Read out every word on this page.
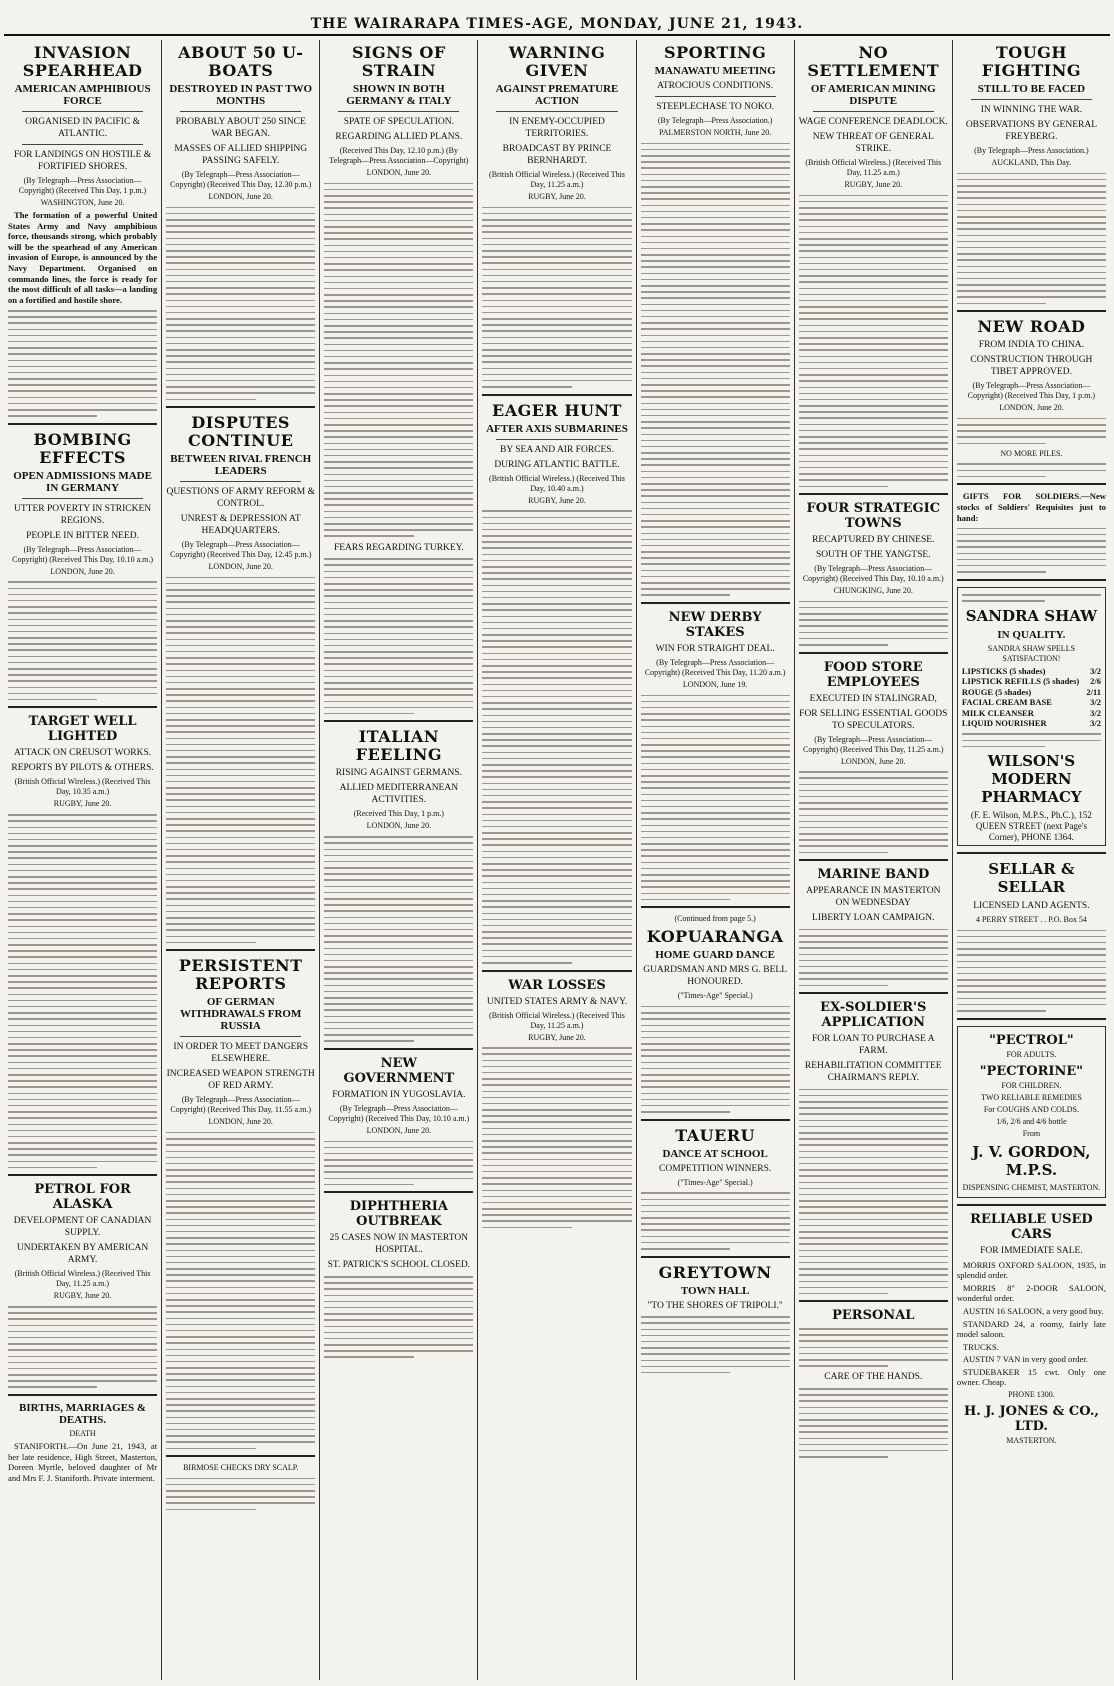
THE WAIRARAPA TIMES-AGE, MONDAY, JUNE 21, 1943.
INVASION SPEARHEAD
AMERICAN AMPHIBIOUS FORCE
ORGANISED IN PACIFIC & ATLANTIC.
FOR LANDINGS ON HOSTILE & FORTIFIED SHORES.
(By Telegraph—Press Association—Copyright) (Received This Day, 1 p.m.)
WASHINGTON, June 20.

The formation of a powerful United States Army and Navy amphibious force, thousands strong, which probably will be the spearhead of any American invasion of Europe, is announced by the Navy Department. Organised on commando lines, the force is ready for the most difficult of all tasks—a landing on a fortified and hostile shore.

BOMBING EFFECTS
OPEN ADMISSIONS MADE IN GERMANY
UTTER POVERTY IN STRICKEN REGIONS.
PEOPLE IN BITTER NEED.
(By Telegraph—Press Association—Copyright) (Received This Day, 10.10 a.m.)
LONDON, June 20.
TARGET WELL LIGHTED
ATTACK ON CREUSOT WORKS.
REPORTS BY PILOTS & OTHERS.
(British Official Wireless.) (Received This Day, 10.35 a.m.)
RUGBY, June 20.
PETROL FOR ALASKA
DEVELOPMENT OF CANADIAN SUPPLY.
UNDERTAKEN BY AMERICAN ARMY.
(British Official Wireless.) (Received This Day, 11.25 a.m.)
RUGBY, June 20.
BIRTHS, MARRIAGES & DEATHS.
DEATH

STANIFORTH.—On June 21, 1943, at her late residence, High Street, Masterton, Doreen Myrtle, beloved daughter of Mr and Mrs F. J. Staniforth. Private interment.

ABOUT 50 U-BOATS
DESTROYED IN PAST TWO MONTHS
PROBABLY ABOUT 250 SINCE WAR BEGAN.
MASSES OF ALLIED SHIPPING PASSING SAFELY.
(By Telegraph—Press Association—Copyright) (Received This Day, 12.30 p.m.)
LONDON, June 20.
DISPUTES CONTINUE
BETWEEN RIVAL FRENCH LEADERS
QUESTIONS OF ARMY REFORM & CONTROL.
UNREST & DEPRESSION AT HEADQUARTERS.
(By Telegraph—Press Association—Copyright) (Received This Day, 12.45 p.m.)
LONDON, June 20.
PERSISTENT REPORTS
OF GERMAN WITHDRAWALS FROM RUSSIA
IN ORDER TO MEET DANGERS ELSEWHERE.
INCREASED WEAPON STRENGTH OF RED ARMY.
(By Telegraph—Press Association—Copyright) (Received This Day, 11.55 a.m.)
LONDON, June 20.
BIRMOSE CHECKS DRY SCALP.
SIGNS OF STRAIN
SHOWN IN BOTH GERMANY & ITALY
SPATE OF SPECULATION.
REGARDING ALLIED PLANS.
(Received This Day, 12.10 p.m.) (By Telegraph—Press Association—Copyright)
LONDON, June 20.
FEARS REGARDING TURKEY.
ITALIAN FEELING
RISING AGAINST GERMANS.
ALLIED MEDITERRANEAN ACTIVITIES.
(Received This Day, 1 p.m.)
LONDON, June 20.
NEW GOVERNMENT
FORMATION IN YUGOSLAVIA.
(By Telegraph—Press Association—Copyright) (Received This Day, 10.10 a.m.)
LONDON, June 20.
DIPHTHERIA OUTBREAK
25 CASES NOW IN MASTERTON HOSPITAL.
ST. PATRICK'S SCHOOL CLOSED.
WARNING GIVEN
AGAINST PREMATURE ACTION
IN ENEMY-OCCUPIED TERRITORIES.
BROADCAST BY PRINCE BERNHARDT.
(British Official Wireless.) (Received This Day, 11.25 a.m.)
RUGBY, June 20.
EAGER HUNT
AFTER AXIS SUBMARINES
BY SEA AND AIR FORCES.
DURING ATLANTIC BATTLE.
(British Official Wireless.) (Received This Day, 10.40 a.m.)
RUGBY, June 20.
WAR LOSSES
UNITED STATES ARMY & NAVY.
(British Official Wireless.) (Received This Day, 11.25 a.m.)
RUGBY, June 20.
SPORTING
MANAWATU MEETING
ATROCIOUS CONDITIONS.
STEEPLECHASE TO NOKO.
(By Telegraph—Press Association.)
PALMERSTON NORTH, June 20.
NEW DERBY STAKES
WIN FOR STRAIGHT DEAL.
(By Telegraph—Press Association—Copyright) (Received This Day, 11.20 a.m.)
LONDON, June 19.
(Continued from page 5.)
KOPUARANGA
HOME GUARD DANCE
GUARDSMAN AND MRS G. BELL HONOURED.
("Times-Age" Special.)
TAUERU
DANCE AT SCHOOL
COMPETITION WINNERS.
("Times-Age" Special.)
GREYTOWN
TOWN HALL
"TO THE SHORES OF TRIPOLI."
NO SETTLEMENT
OF AMERICAN MINING DISPUTE
WAGE CONFERENCE DEADLOCK.
NEW THREAT OF GENERAL STRIKE.
(British Official Wireless.) (Received This Day, 11.25 a.m.)
RUGBY, June 20.
FOUR STRATEGIC TOWNS
RECAPTURED BY CHINESE.
SOUTH OF THE YANGTSE.
(By Telegraph—Press Association—Copyright) (Received This Day, 10.10 a.m.)
CHUNGKING, June 20.
FOOD STORE EMPLOYEES
EXECUTED IN STALINGRAD,
FOR SELLING ESSENTIAL GOODS TO SPECULATORS.
(By Telegraph—Press Association—Copyright) (Received This Day, 11.25 a.m.)
LONDON, June 20.
MARINE BAND
APPEARANCE IN MASTERTON ON WEDNESDAY
LIBERTY LOAN CAMPAIGN.
EX-SOLDIER'S APPLICATION
FOR LOAN TO PURCHASE A FARM.
REHABILITATION COMMITTEE CHAIRMAN'S REPLY.
PERSONAL
CARE OF THE HANDS.
TOUGH FIGHTING
STILL TO BE FACED
IN WINNING THE WAR.
OBSERVATIONS BY GENERAL FREYBERG.
(By Telegraph—Press Association.)
AUCKLAND, This Day.
NEW ROAD
FROM INDIA TO CHINA.
CONSTRUCTION THROUGH TIBET APPROVED.
(By Telegraph—Press Association—Copyright) (Received This Day, 1 p.m.)
LONDON, June 20.
NO MORE PILES.

GIFTS FOR SOLDIERS.—New stocks of Soldiers' Requisites just to hand:

SANDRA SHAW
IN QUALITY.
SANDRA SHAW SPELLS SATISFACTION!
LIPSTICKS (5 shades)	3/2
LIPSTICK REFILLS (5 shades) 2/6
ROUGE (5 shades)	2/11
FACIAL CREAM BASE	3/2
MILK CLEANSER	3/2
LIQUID NOURISHER	3/2
WILSON'S MODERN PHARMACY
(F. E. Wilson, M.P.S., Ph.C.), 152 QUEEN STREET (next Page's Corner), PHONE 1364.
SELLAR & SELLAR
LICENSED LAND AGENTS.
4 PERRY STREET . . P.O. Box 54
"PECTROL"
FOR ADULTS.
"PECTORINE"
FOR CHILDREN.
TWO RELIABLE REMEDIES
For COUGHS AND COLDS.
1/6, 2/6 and 4/6 bottle
From
J. V. GORDON, M.P.S.
DISPENSING CHEMIST, MASTERTON.
RELIABLE USED CARS
FOR IMMEDIATE SALE.

MORRIS OXFORD SALOON, 1935, in splendid order.

MORRIS 8" 2-DOOR SALOON, wonderful order.

AUSTIN 16 SALOON, a very good buy.

STANDARD 24, a roomy, fairly late model saloon.

TRUCKS.

AUSTIN 7 VAN in very good order.

STUDEBAKER 15 cwt. Only one owner. Cheap.

PHONE 1300.
H. J. JONES & CO., LTD.
MASTERTON.
